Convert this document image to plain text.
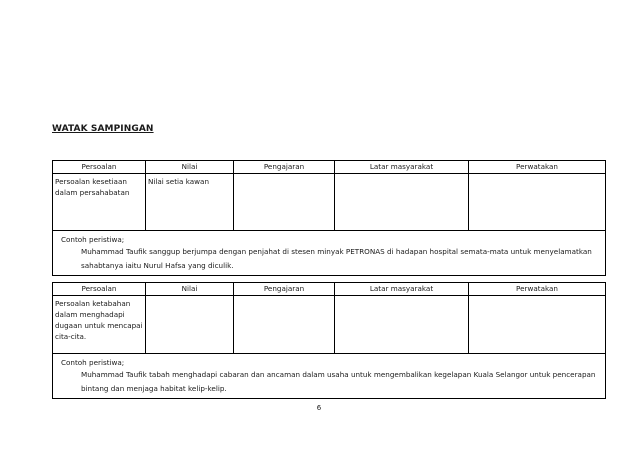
WATAK SAMPINGAN
Persoalan	Nilai	Pengajaran	Latar masyarakat	Perwatakan
Persoalan kesetiaan dalam persahabatan	Nilai setia kawan			

Contoh peristiwa;
Muhammad Taufik sanggup berjumpa dengan penjahat di stesen minyak PETRONAS di hadapan hospital semata-mata untuk menyelamatkan sahabtanya iaitu Nurul Hafsa yang diculik.				
Persoalan	Nilai	Pengajaran	Latar masyarakat	Perwatakan
Persoalan ketabahan dalam menghadapi dugaan untuk mencapai cita-cita.				

Contoh peristiwa;
Muhammad Taufik tabah menghadapi cabaran dan ancaman dalam usaha untuk mengembalikan kegelapan Kuala Selangor untuk pencerapan bintang dan menjaga habitat kelip-kelip.				
6
